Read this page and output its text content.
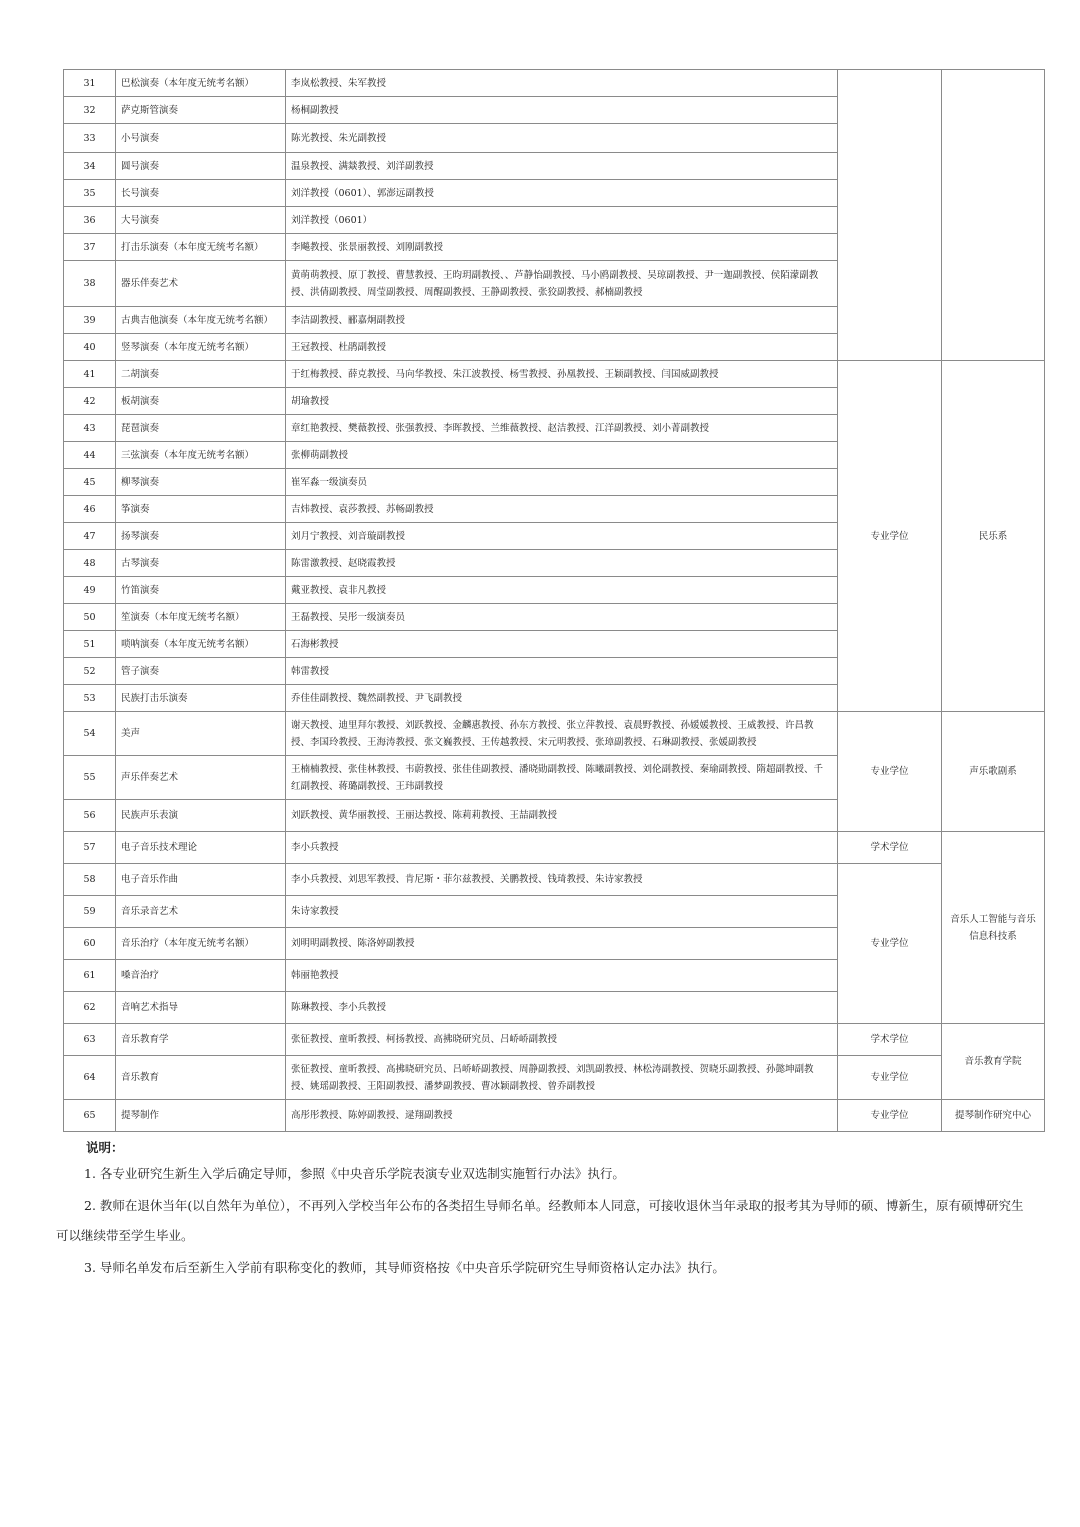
31	巴松演奏（本年度无统考名额）	李岚松教授、朱军教授		
32	萨克斯管演奏	杨桐副教授		
33	小号演奏	陈光教授、朱光副教授		
34	圆号演奏	温泉教授、满燚教授、刘洋副教授		
35	长号演奏	刘洋教授（0601）、郭澎远副教授		
36	大号演奏	刘洋教授（0601）		
37	打击乐演奏（本年度无统考名额）	李飚教授、张景丽教授、刘刚副教授		
38	器乐伴奏艺术	黄萌萌教授、原丁教授、曹慧教授、王昀玥副教授、、芦静怡副教授、马小鸥副教授、吴琼副教授、尹一迦副教授、侯陌濛副教授、洪倩副教授、周莹副教授、周醒副教授、王静副教授、张狡副教授、郝楠副教授		
39	古典吉他演奏（本年度无统考名额）	李洁副教授、郦嘉炯副教授		
40	竖琴演奏（本年度无统考名额）	王冠教授、杜鹃副教授		
41	二胡演奏	于红梅教授、薛克教授、马向华教授、朱江波教授、杨雪教授、孙凰教授、王颖副教授、闫国威副教授	专业学位	民乐系
42	板胡演奏	胡瑜教授		
43	琵琶演奏	章红艳教授、樊薇教授、张强教授、李晖教授、兰维薇教授、赵洁教授、江洋副教授、刘小菁副教授		
44	三弦演奏（本年度无统考名额）	张柳萌副教授		
45	柳琴演奏	崔军淼一级演奏员		
46	筝演奏	吉炜教授、袁莎教授、苏畅副教授		
47	扬琴演奏	刘月宁教授、刘音璇副教授		
48	古琴演奏	陈雷激教授、赵晓霞教授		
49	竹笛演奏	戴亚教授、袁非凡教授		
50	笙演奏（本年度无统考名额）	王磊教授、吴彤一级演奏员		
51	唢呐演奏（本年度无统考名额）	石海彬教授		
52	管子演奏	韩雷教授		
53	民族打击乐演奏	乔佳佳副教授、魏然副教授、尹飞副教授		
54	美声	谢天教授、迪里拜尔教授、刘跃教授、金麟惠教授、孙东方教授、张立萍教授、袁晨野教授、孙媛媛教授、王威教授、许昌教授、李国玲教授、王海涛教授、张文巍教授、王传越教授、宋元明教授、张璋副教授、石琳副教授、张媛副教授	专业学位	声乐歌剧系
55	声乐伴奏艺术	王楠楠教授、张佳林教授、韦蔚教授、张佳佳副教授、潘晓勋副教授、陈曦副教授、刘伦副教授、秦瑜副教授、隋超副教授、千红副教授、蒋璐副教授、王玮副教授		
56	民族声乐表演	刘跃教授、黄华丽教授、王丽达教授、陈莉莉教授、王喆副教授		
57	电子音乐技术理论	李小兵教授	学术学位	音乐人工智能与音乐信息科技系
58	电子音乐作曲	李小兵教授、刘思军教授、肯尼斯・菲尔兹教授、关鹏教授、钱琦教授、朱诗家教授	专业学位	
59	音乐录音艺术	朱诗家教授		
60	音乐治疗（本年度无统考名额）	刘明明副教授、陈洛婷副教授		
61	嗓音治疗	韩丽艳教授		
62	音响艺术指导	陈琳教授、李小兵教授		
63	音乐教育学	张征教授、童昕教授、柯扬教授、高拂晓研究员、吕峤峤副教授	学术学位	音乐教育学院
64	音乐教育	张征教授、童昕教授、高拂晓研究员、吕峤峤副教授、周静副教授、刘凯副教授、林松涛副教授、贺晓乐副教授、孙懿坤副教授、姚瑶副教授、王阳副教授、潘梦副教授、曹冰颖副教授、曾乔副教授	专业学位	
65	提琴制作	高彤彤教授、陈婷副教授、逯翔副教授	专业学位	提琴制作研究中心
说明：
1. 各专业研究生新生入学后确定导师，参照《中央音乐学院表演专业双选制实施暂行办法》执行。
2. 教师在退休当年(以自然年为单位），不再列入学校当年公布的各类招生导师名单。经教师本人同意，可接收退休当年录取的报考其为导师的硕、博新生，原有硕博研究生可以继续带至学生毕业。
3. 导师名单发布后至新生入学前有职称变化的教师，其导师资格按《中央音乐学院研究生导师资格认定办法》执行。
